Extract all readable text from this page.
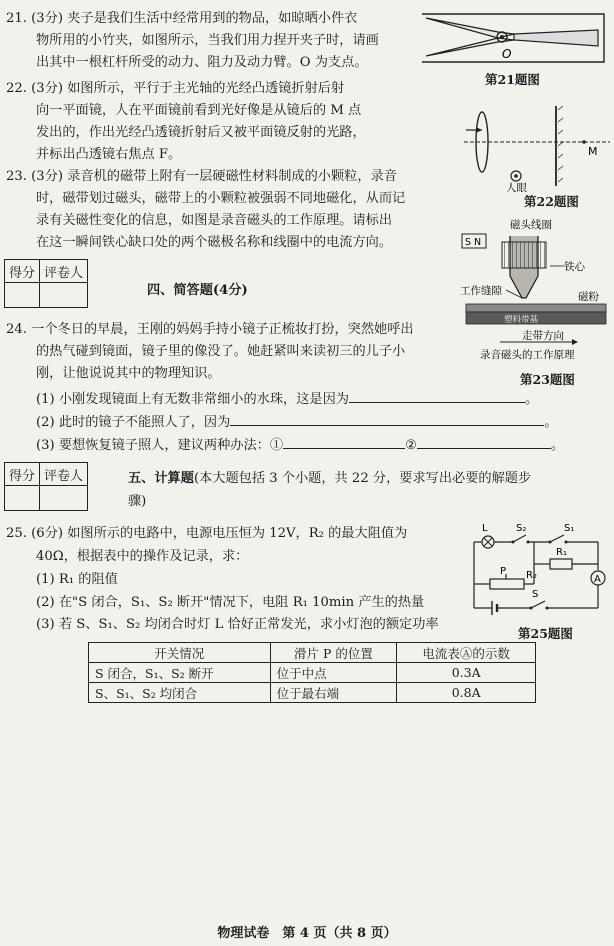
21. (3分) 夹子是我们生活中经常用到的物品，如晾晒小件衣
物所用的小竹夹，如图所示，当我们用力捏开夹子时，请画
出其中一根杠杆所受的动力、阻力及动力臂。O 为支点。
O
第21题图
22. (3分) 如图所示，平行于主光轴的光经凸透镜折射后射
向一平面镜，人在平面镜前看到光好像是从镜后的 M 点
发出的，作出光经凸透镜折射后又被平面镜反射的光路，
并标出凸透镜右焦点 F。	M
人眼
第22题图
23. (3分) 录音机的磁带上附有一层硬磁性材料制成的小颗粒，录音
时，磁带划过磁头，磁带上的小颗粒被强弱不同地磁化，从而记
录有关磁性变化的信息，如图是录音磁头的工作原理。请标出
在这一瞬间铁心缺口处的两个磁极名称和线圈中的电流方向。
磁头线圈
S N
铁心
工作缝隙	磁粉
塑料带基
走带方向
录音磁头的工作原理
第23题图
得分	评卷人

四、简答题(4分)
24. 一个冬日的早晨，王刚的妈妈手持小镜子正梳妆打扮，突然她呼出
的热气碰到镜面，镜子里的像没了。她赶紧叫来读初三的儿子小
刚，让他说说其中的物理知识。
(1) 小刚发现镜面上有无数非常细小的水珠，这是因为	。
(2) 此时的镜子不能照人了，因为	。
(3) 要想恢复镜子照人，建议两种办法：①	②	。
得分	评卷人
		五、计算题(本大题包括 3 个小题，共 22 分，要求写出必要的解题步
骤)
25. (6分) 如图所示的电路中，电源电压恒为 12V，R₂ 的最大阻值为
40Ω，根据表中的操作及记录，求：
(1) R₁ 的阻值
(2) 在"S 闭合，S₁、S₂ 断开"情况下，电阻 R₁ 10min 产生的热量
(3) 若 S、S₁、S₂ 均闭合时灯 L 恰好正常发光，求小灯泡的额定功率
L	S₂	S₁
R₁
A
P R₂
S
第25题图
开关情况	滑片 P 的位置	电流表Ⓐ的示数
S 闭合，S₁、S₂ 断开	位于中点	0.3A
S、S₁、S₂ 均闭合	位于最右端	0.8A
物理试卷　第 4 页（共 8 页）
